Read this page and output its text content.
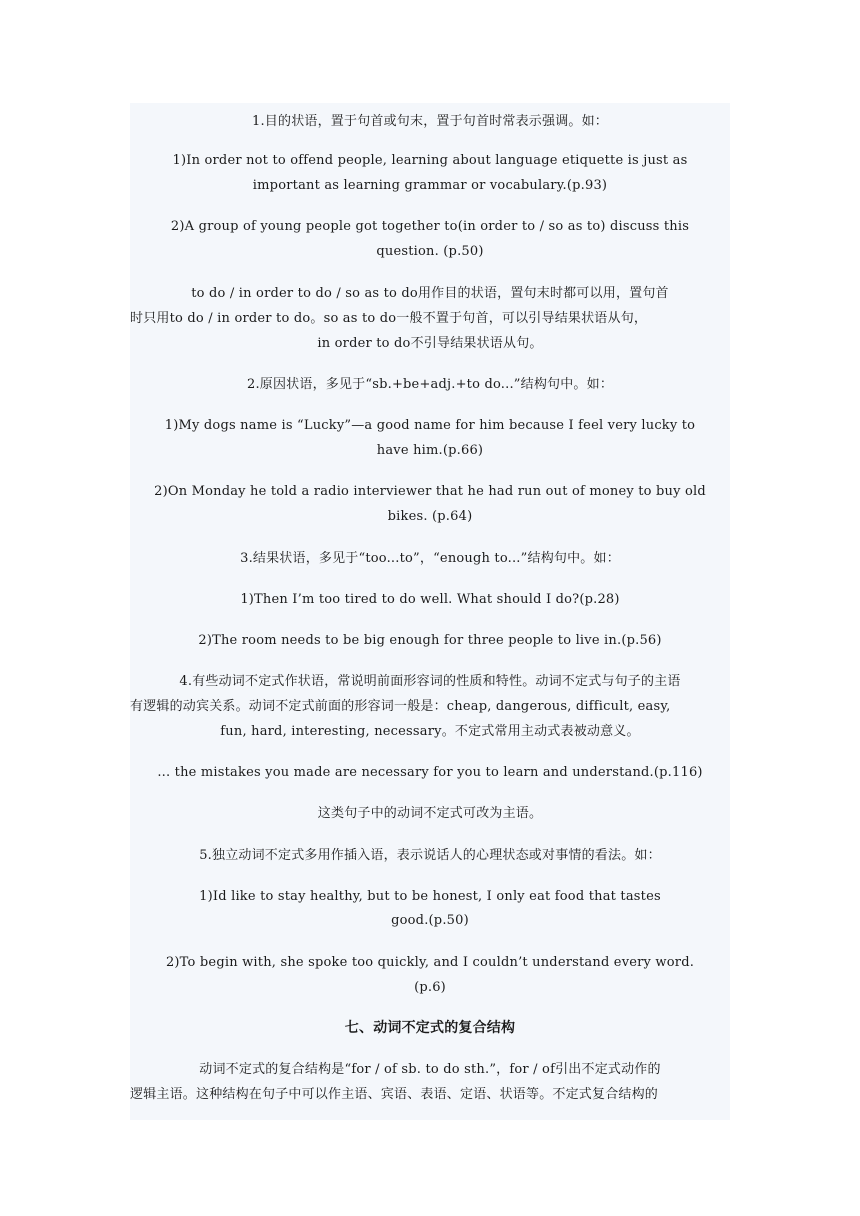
1.目的状语，置于句首或句末，置于句首时常表示强调。如：

1)In order not to offend people, learning about language etiquette is just as

important as learning grammar or vocabulary.(p.93)

2)A group of young people got together to(in order to / so as to) discuss this

question. (p.50)

to do / in order to do / so as to do用作目的状语，置句末时都可以用，置句首

时只用to do / in order to do。so as to do一般不置于句首，可以引导结果状语从句，

in order to do不引导结果状语从句。

2.原因状语，多见于“sb.+be+adj.+to do...”结构句中。如：

1)My dogs name is “Lucky”—a good name for him because I feel very lucky to

have him.(p.66)

2)On Monday he told a radio interviewer that he had run out of money to buy old

bikes. (p.64)

3.结果状语，多见于“too...to”，“enough to...”结构句中。如：

1)Then I’m too tired to do well. What should I do?(p.28)

2)The room needs to be big enough for three people to live in.(p.56)

4.有些动词不定式作状语，常说明前面形容词的性质和特性。动词不定式与句子的主语

有逻辑的动宾关系。动词不定式前面的形容词一般是：cheap, dangerous, difficult, easy,

fun, hard, interesting, necessary。不定式常用主动式表被动意义。

... the mistakes you made are necessary for you to learn and understand.(p.116)

这类句子中的动词不定式可改为主语。

5.独立动词不定式多用作插入语，表示说话人的心理状态或对事情的看法。如：

1)Id like to stay healthy, but to be honest, I only eat food that tastes

good.(p.50)

2)To begin with, she spoke too quickly, and I couldn’t understand every word.

(p.6)

七、动词不定式的复合结构

动词不定式的复合结构是“for / of sb. to do sth.”，for / of引出不定式动作的

逻辑主语。这种结构在句子中可以作主语、宾语、表语、定语、状语等。不定式复合结构的
